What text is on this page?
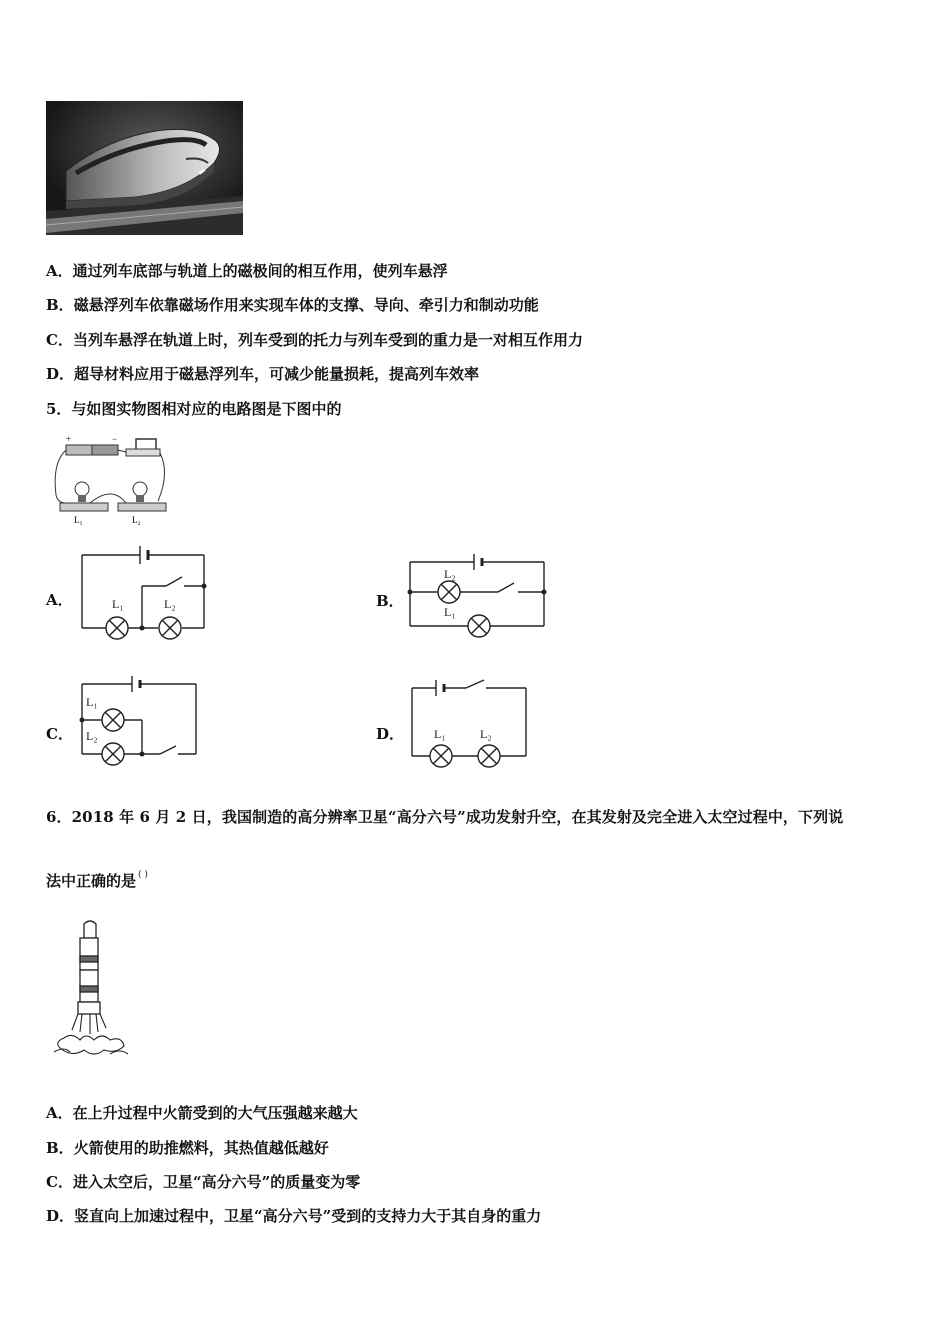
A．通过列车底部与轨道上的磁极间的相互作用，使列车悬浮
B．磁悬浮列车依靠磁场作用来实现车体的支撑、导向、牵引力和制动功能
C．当列车悬浮在轨道上时，列车受到的托力与列车受到的重力是一对相互作用力
D．超导材料应用于磁悬浮列车，可减少能量损耗，提高列车效率
5．与如图实物图相对应的电路图是下图中的
+	−
L₁	L₂
A．	L₁	L₂	B．
L₂
L₁
C．
L₁
L₂	D． L₁	L₂
6．2018 年 6 月 2 日，我国制造的高分辨率卫星“高分六号”成功发射升空，在其发射及完全进入太空过程中，下列说
法中正确的是 ( )
A．在上升过程中火箭受到的大气压强越来越大
B．火箭使用的助推燃料，其热值越低越好
C．进入太空后，卫星“高分六号”的质量变为零
D．竖直向上加速过程中，卫星“高分六号”受到的支持力大于其自身的重力
